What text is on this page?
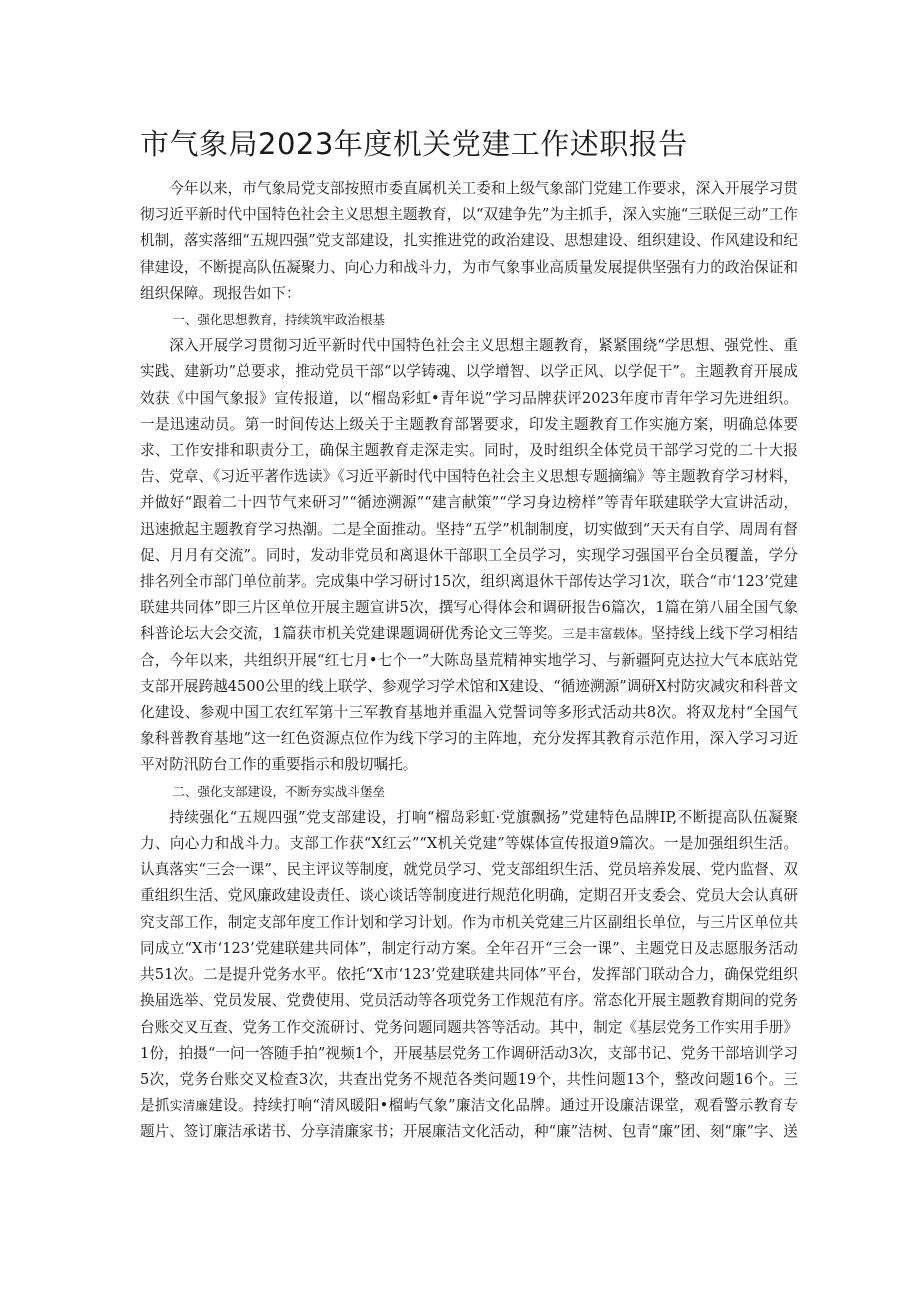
市气象局2023年度机关党建工作述职报告

今年以来，市气象局党支部按照市委直属机关工委和上级气象部门党建工作要求，深入开展学习贯彻习近平新时代中国特色社会主义思想主题教育，以“双建争先”为主抓手，深入实施“三联促三动”工作机制，落实落细“五规四强”党支部建设，扎实推进党的政治建设、思想建设、组织建设、作风建设和纪律建设，不断提高队伍凝聚力、向心力和战斗力，为市气象事业高质量发展提供坚强有力的政治保证和组织保障。现报告如下：

一、强化思想教育，持续筑牢政治根基

深入开展学习贯彻习近平新时代中国特色社会主义思想主题教育，紧紧围绕“学思想、强党性、重实践、建新功”总要求，推动党员干部“以学铸魂、以学增智、以学正风、以学促干”。主题教育开展成效获《中国气象报》宣传报道，以“榴岛彩虹•青年说”学习品牌获评2023年度市青年学习先进组织。一是迅速动员。第一时间传达上级关于主题教育部署要求，印发主题教育工作实施方案，明确总体要求、工作安排和职责分工，确保主题教育走深走实。同时，及时组织全体党员干部学习党的二十大报告、党章、《习近平著作选读》《习近平新时代中国特色社会主义思想专题摘编》等主题教育学习材料，并做好“跟着二十四节气来研习”“循迹溯源”“建言献策”“学习身边榜样”等青年联建联学大宣讲活动，迅速掀起主题教育学习热潮。二是全面推动。坚持“五学”机制制度，切实做到“天天有自学、周周有督促、月月有交流”。同时，发动非党员和离退休干部职工全员学习，实现学习强国平台全员覆盖，学分排名列全市部门单位前茅。完成集中学习研讨15次，组织离退休干部传达学习1次，联合“市‘123’党建联建共同体”即三片区单位开展主题宣讲5次，撰写心得体会和调研报告6篇次，1篇在第八届全国气象科普论坛大会交流，1篇获市机关党建课题调研优秀论文三等奖。三是丰富载体。坚持线上线下学习相结合，今年以来，共组织开展“红七月•七个一”大陈岛垦荒精神实地学习、与新疆阿克达拉大气本底站党支部开展跨越4500公里的线上联学、参观学习学术馆和X建设、“循迹溯源”调研X村防灾减灾和科普文化建设、参观中国工农红军第十三军教育基地并重温入党誓词等多形式活动共8次。将双龙村“全国气象科普教育基地”这一红色资源点位作为线下学习的主阵地，充分发挥其教育示范作用，深入学习习近平对防汛防台工作的重要指示和殷切嘱托。

二、强化支部建设，不断夯实战斗堡垒

持续强化“五规四强”党支部建设，打响“榴岛彩虹·党旗飘扬”党建特色品牌IP,不断提高队伍凝聚力、向心力和战斗力。支部工作获“X红云”“X机关党建”等媒体宣传报道9篇次。一是加强组织生活。认真落实“三会一课”、民主评议等制度，就党员学习、党支部组织生活、党员培养发展、党内监督、双重组织生活、党风廉政建设责任、谈心谈话等制度进行规范化明确，定期召开支委会、党员大会认真研究支部工作，制定支部年度工作计划和学习计划。作为市机关党建三片区副组长单位，与三片区单位共同成立“X市‘123’党建联建共同体”，制定行动方案。全年召开“三会一课”、主题党日及志愿服务活动共51次。二是提升党务水平。依托“X市‘123’党建联建共同体”平台，发挥部门联动合力，确保党组织换届选举、党员发展、党费使用、党员活动等各项党务工作规范有序。常态化开展主题教育期间的党务台账交叉互查、党务工作交流研讨、党务问题同题共答等活动。其中，制定《基层党务工作实用手册》1份，拍摄“一问一答随手拍”视频1个，开展基层党务工作调研活动3次，支部书记、党务干部培训学习5次，党务台账交叉检查3次，共查出党务不规范各类问题19个，共性问题13个，整改问题16个。三是抓实清廉建设。持续打响“清风暖阳•榴屿气象”廉洁文化品牌。通过开设廉洁课堂，观看警示教育专题片、签订廉洁承诺书、分享清廉家书；开展廉洁文化活动，种“廉”洁树、包青“廉”团、刻“廉”字、送
